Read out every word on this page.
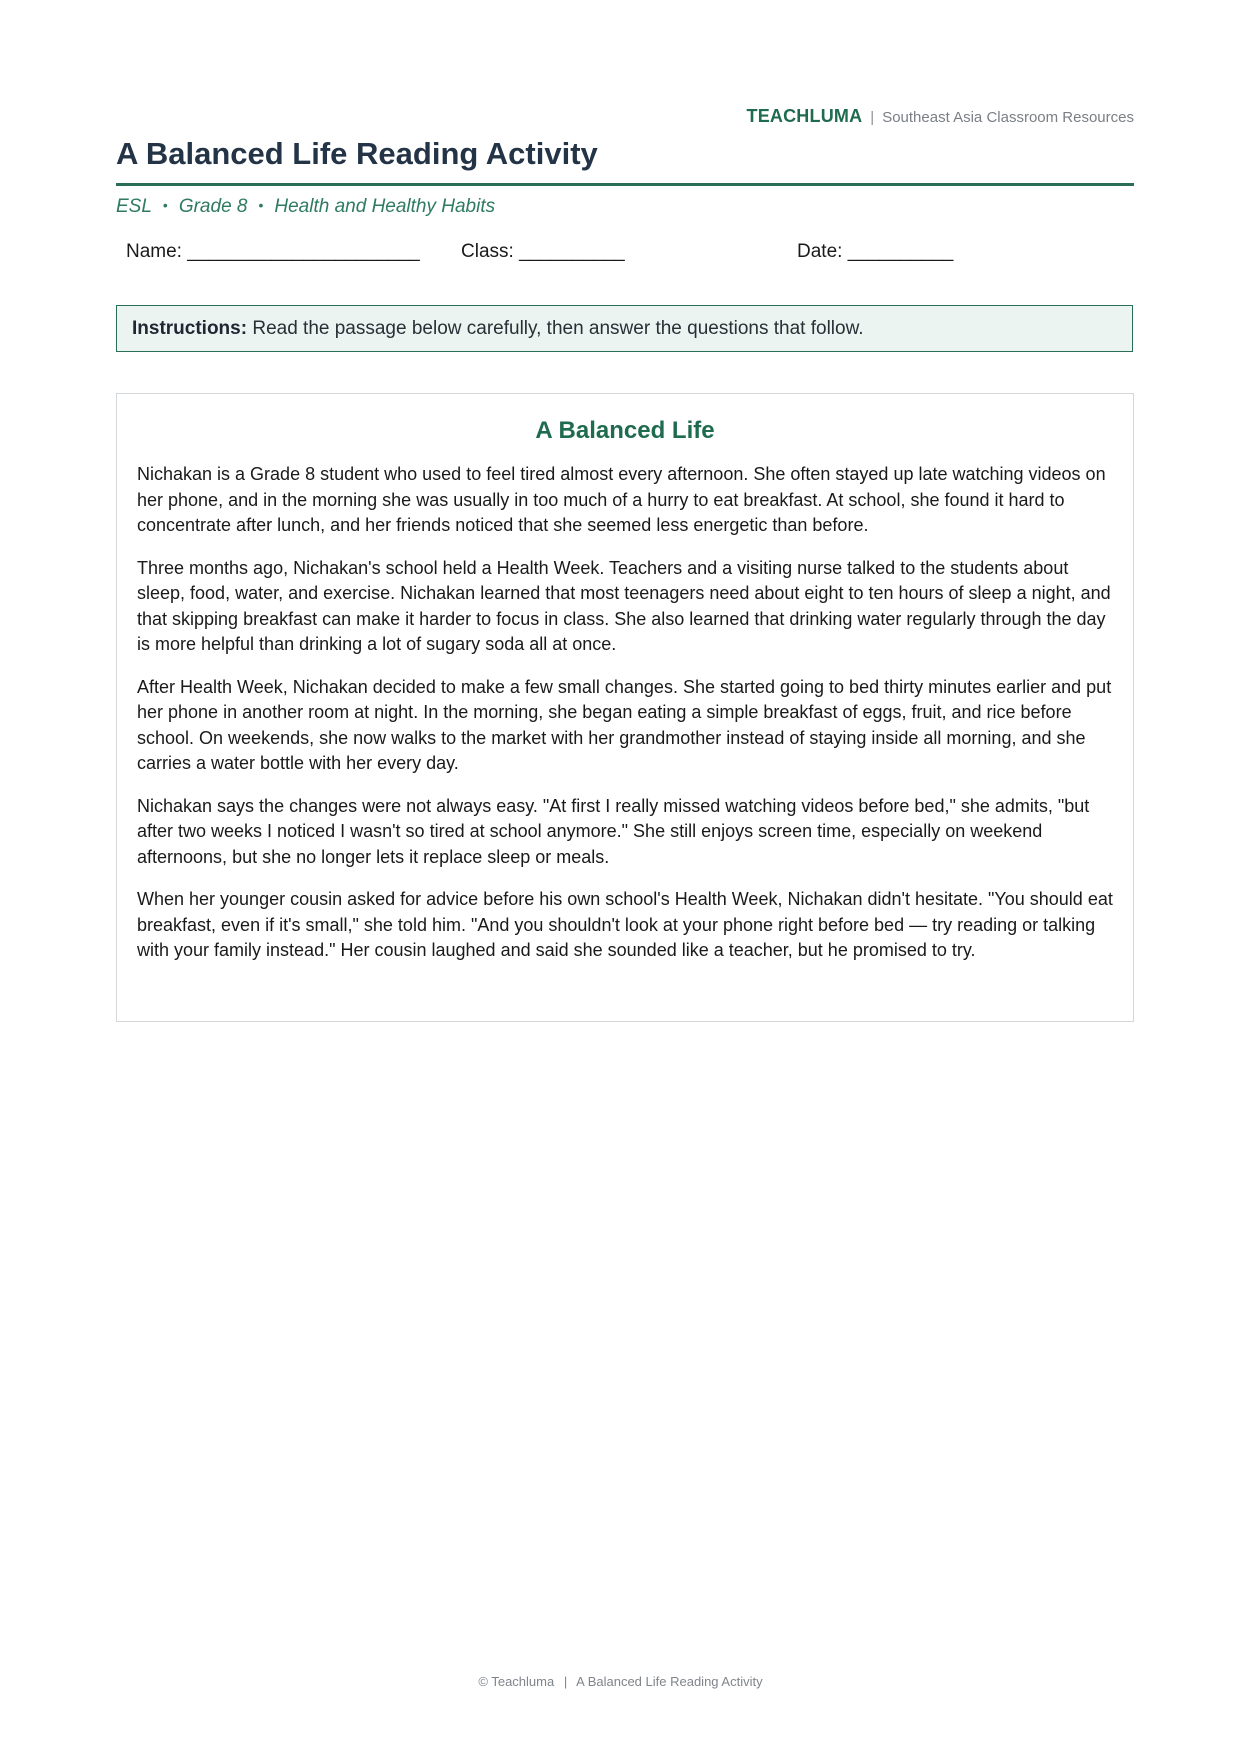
TEACHLUMA | Southeast Asia Classroom Resources
A Balanced Life Reading Activity
ESL • Grade 8 • Health and Healthy Habits
Name: ______________________ Class: __________	Date: __________
Instructions: Read the passage below carefully, then answer the questions that follow.
A Balanced Life

Nichakan is a Grade 8 student who used to feel tired almost every afternoon. She often stayed up late watching videos on her phone, and in the morning she was usually in too much of a hurry to eat breakfast. At school, she found it hard to concentrate after lunch, and her friends noticed that she seemed less energetic than before.

Three months ago, Nichakan's school held a Health Week. Teachers and a visiting nurse talked to the students about sleep, food, water, and exercise. Nichakan learned that most teenagers need about eight to ten hours of sleep a night, and that skipping breakfast can make it harder to focus in class. She also learned that drinking water regularly through the day is more helpful than drinking a lot of sugary soda all at once.

After Health Week, Nichakan decided to make a few small changes. She started going to bed thirty minutes earlier and put her phone in another room at night. In the morning, she began eating a simple breakfast of eggs, fruit, and rice before school. On weekends, she now walks to the market with her grandmother instead of staying inside all morning, and she carries a water bottle with her every day.

Nichakan says the changes were not always easy. "At first I really missed watching videos before bed," she admits, "but after two weeks I noticed I wasn't so tired at school anymore." She still enjoys screen time, especially on weekend afternoons, but she no longer lets it replace sleep or meals.

When her younger cousin asked for advice before his own school's Health Week, Nichakan didn't hesitate. "You should eat breakfast, even if it's small," she told him. "And you shouldn't look at your phone right before bed — try reading or talking with your family instead." Her cousin laughed and said she sounded like a teacher, but he promised to try.

© Teachluma | A Balanced Life Reading Activity
